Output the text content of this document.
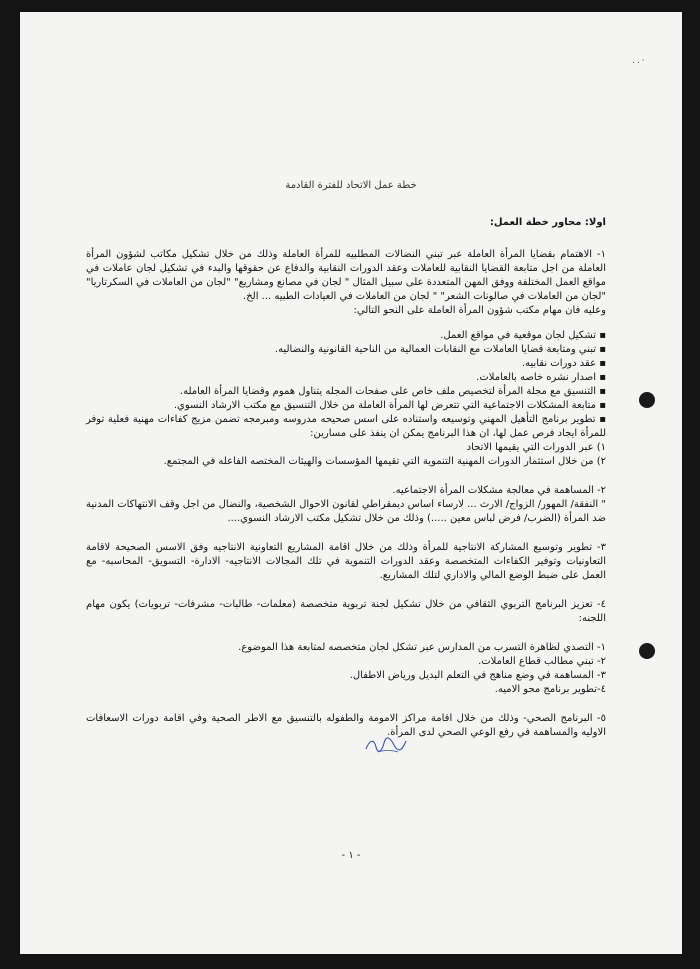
..·
خطة عمل الاتحاد للفترة القادمة

اولا: محاور خطة العمل:

١- الاهتمام بقضايا المرأة العاملة عبر تبني النضالات المطلبيه للمرأة العاملة وذلك من خلال تشكيل مكاتب لشؤون المرأة العاملة من اجل متابعة القضايا النقابية للعاملات وعقد الدورات النقابية والدفاع عن حقوقها والبدء في تشكيل لجان عاملات في مواقع العمل المختلفة ووفق المهن المتعددة على سبيل المثال " لجان في مصانع ومشاريع" "لجان من العاملات في السكرتاريا" "لجان من العاملات في صالونات الشعر" " لجان من العاملات في العيادات الطبيه ... الخ.

وعليه فان مهام مكتب شؤون المرأة العاملة على النحو التالي:

▪ تشكيل لجان موقعية في مواقع العمل.

▪ تبني ومتابعة قضايا العاملات مع النقابات العمالية من الناحية القانونية والنضاليه.

▪ عقد دورات نقابيه.

▪ اصدار نشره خاصه بالعاملات.

▪ التنسيق مع مجلة المرأة لتخصيص ملف خاص على صفحات المجله يتناول هموم وقضايا المرأة العامله.

▪ متابعة المشكلات الاجتماعية التي تتعرض لها المرأة العاملة من خلال التنسيق مع مكتب الارشاد النسوي.

▪ تطوير برنامج التأهيل المهني وتوسيعه واستناده على اسس صحيحه مدروسه ومبرمجه تضمن مزيج كفاءات مهنية فعلية توفر للمرأة ايجاد فرص عمل لها، ان هذا البرنامج يمكن ان ينفذ على مسارين:

١) عبر الدورات التي يقيمها الاتحاد

٢) من خلال استثمار الدورات المهنية التنموية التي تقيمها المؤسسات والهيئات المختصه الفاعله في المجتمع.

٢- المساهمة في معالجة مشكلات المرأة الاجتماعيه.

" النفقة/ المهور/ الزواج/ الارث ... لارساء اساس ديمقراطي لقانون الاحوال الشخصية، والنضال من اجل وقف الانتهاكات المدنية ضد المرأة (الضرب/ فرض لباس معين .....) وذلك من خلال تشكيل مكتب الارشاد النسوي....

٣- تطوير وتوسيع المشاركة الانتاجية للمرأة وذلك من خلال اقامة المشاريع التعاونية الانتاجيه وفق الاسس الصحيحة لاقامة التعاونيات وتوفير الكفاءات المتخصصة وعقد الدورات التنموية في تلك المجالات الانتاجيه- الادارة- التسويق- المحاسبه- مع العمل على ضبط الوضع المالي والاداري لتلك المشاريع.

٤- تعزيز البرنامج التربوي الثقافي من خلال تشكيل لجنة تربوية متخصصة (معلمات- طالبات- مشرفات- تربويات) يكون مهام اللجنه:

١- التصدي لظاهرة التسرب من المدارس عبر تشكل لجان متخصصه لمتابعة هذا الموضوع.

٢- تبني مطالب قطاع العاملات.

٣- المساهمة في وضع مناهج في التعلم البديل ورياض الاطفال.

٤-تطوير برنامج محو الاميه.

٥- البرنامج الصحي- وذلك من خلال اقامة مراكز الامومة والطفوله بالتنسيق مع الاطر الصحية وفي اقامة دورات الاسعافات الاوليه والمساهمة في رفع الوعي الصحي لدى المرأة.

- ١ -
